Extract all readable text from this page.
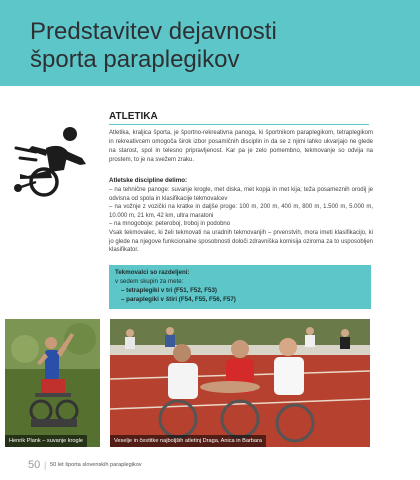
Predstavitev dejavnosti
športa paraplegikov
ATLETIKA

Atletika, kraljica športa, je športno-rekreativna panoga, ki športnikom paraplegikom, tetraplegikom in rekreativcem omogoča širok izbor posamičnih disciplin in da se z njimi lahko ukvarjajo ne glede na starost, spol in telesno pripravljenost. Kar pa je zelo pomembno, tekmovanje so odvija na prostem, to je na svežem zraku.

Atletske discipline delimo:

– na tehnične panoge: suvanje krogle, met diska, met kopja in met kija; teža posameznih orodij je odvisna od spola in klasifikacije tekmovalcev

– na vožnje z vozički na kratke in daljše proge: 100 m, 200 m, 400 m, 800 m, 1.500 m, 5.000 m, 10.000 m, 21 km, 42 km, ultra maratoni

– na mnogoboje: peteroboj, troboj in podobno

Vsak tekmovalec, ki želi tekmovati na uradnih tekmovanjih – prvenstvih, mora imeti klasifikacijo, ki jo glede na njegove funkcionalne sposobnosti določi zdravniška komisija oziroma za to usposobljen klasifikator.

Tekmovalci so razdeljeni:

v sedem skupin za mete:

– tetraplegiki v tri (F51, F52, F53)

– paraplegiki v štiri (F54, F55, F56, F57)

Henrik Plank – suvanje krogle	Veselje in čestitke najboljših atletinj Draga, Anica in Barbara
50 | 50 let športa slovenskih paraplegikov
